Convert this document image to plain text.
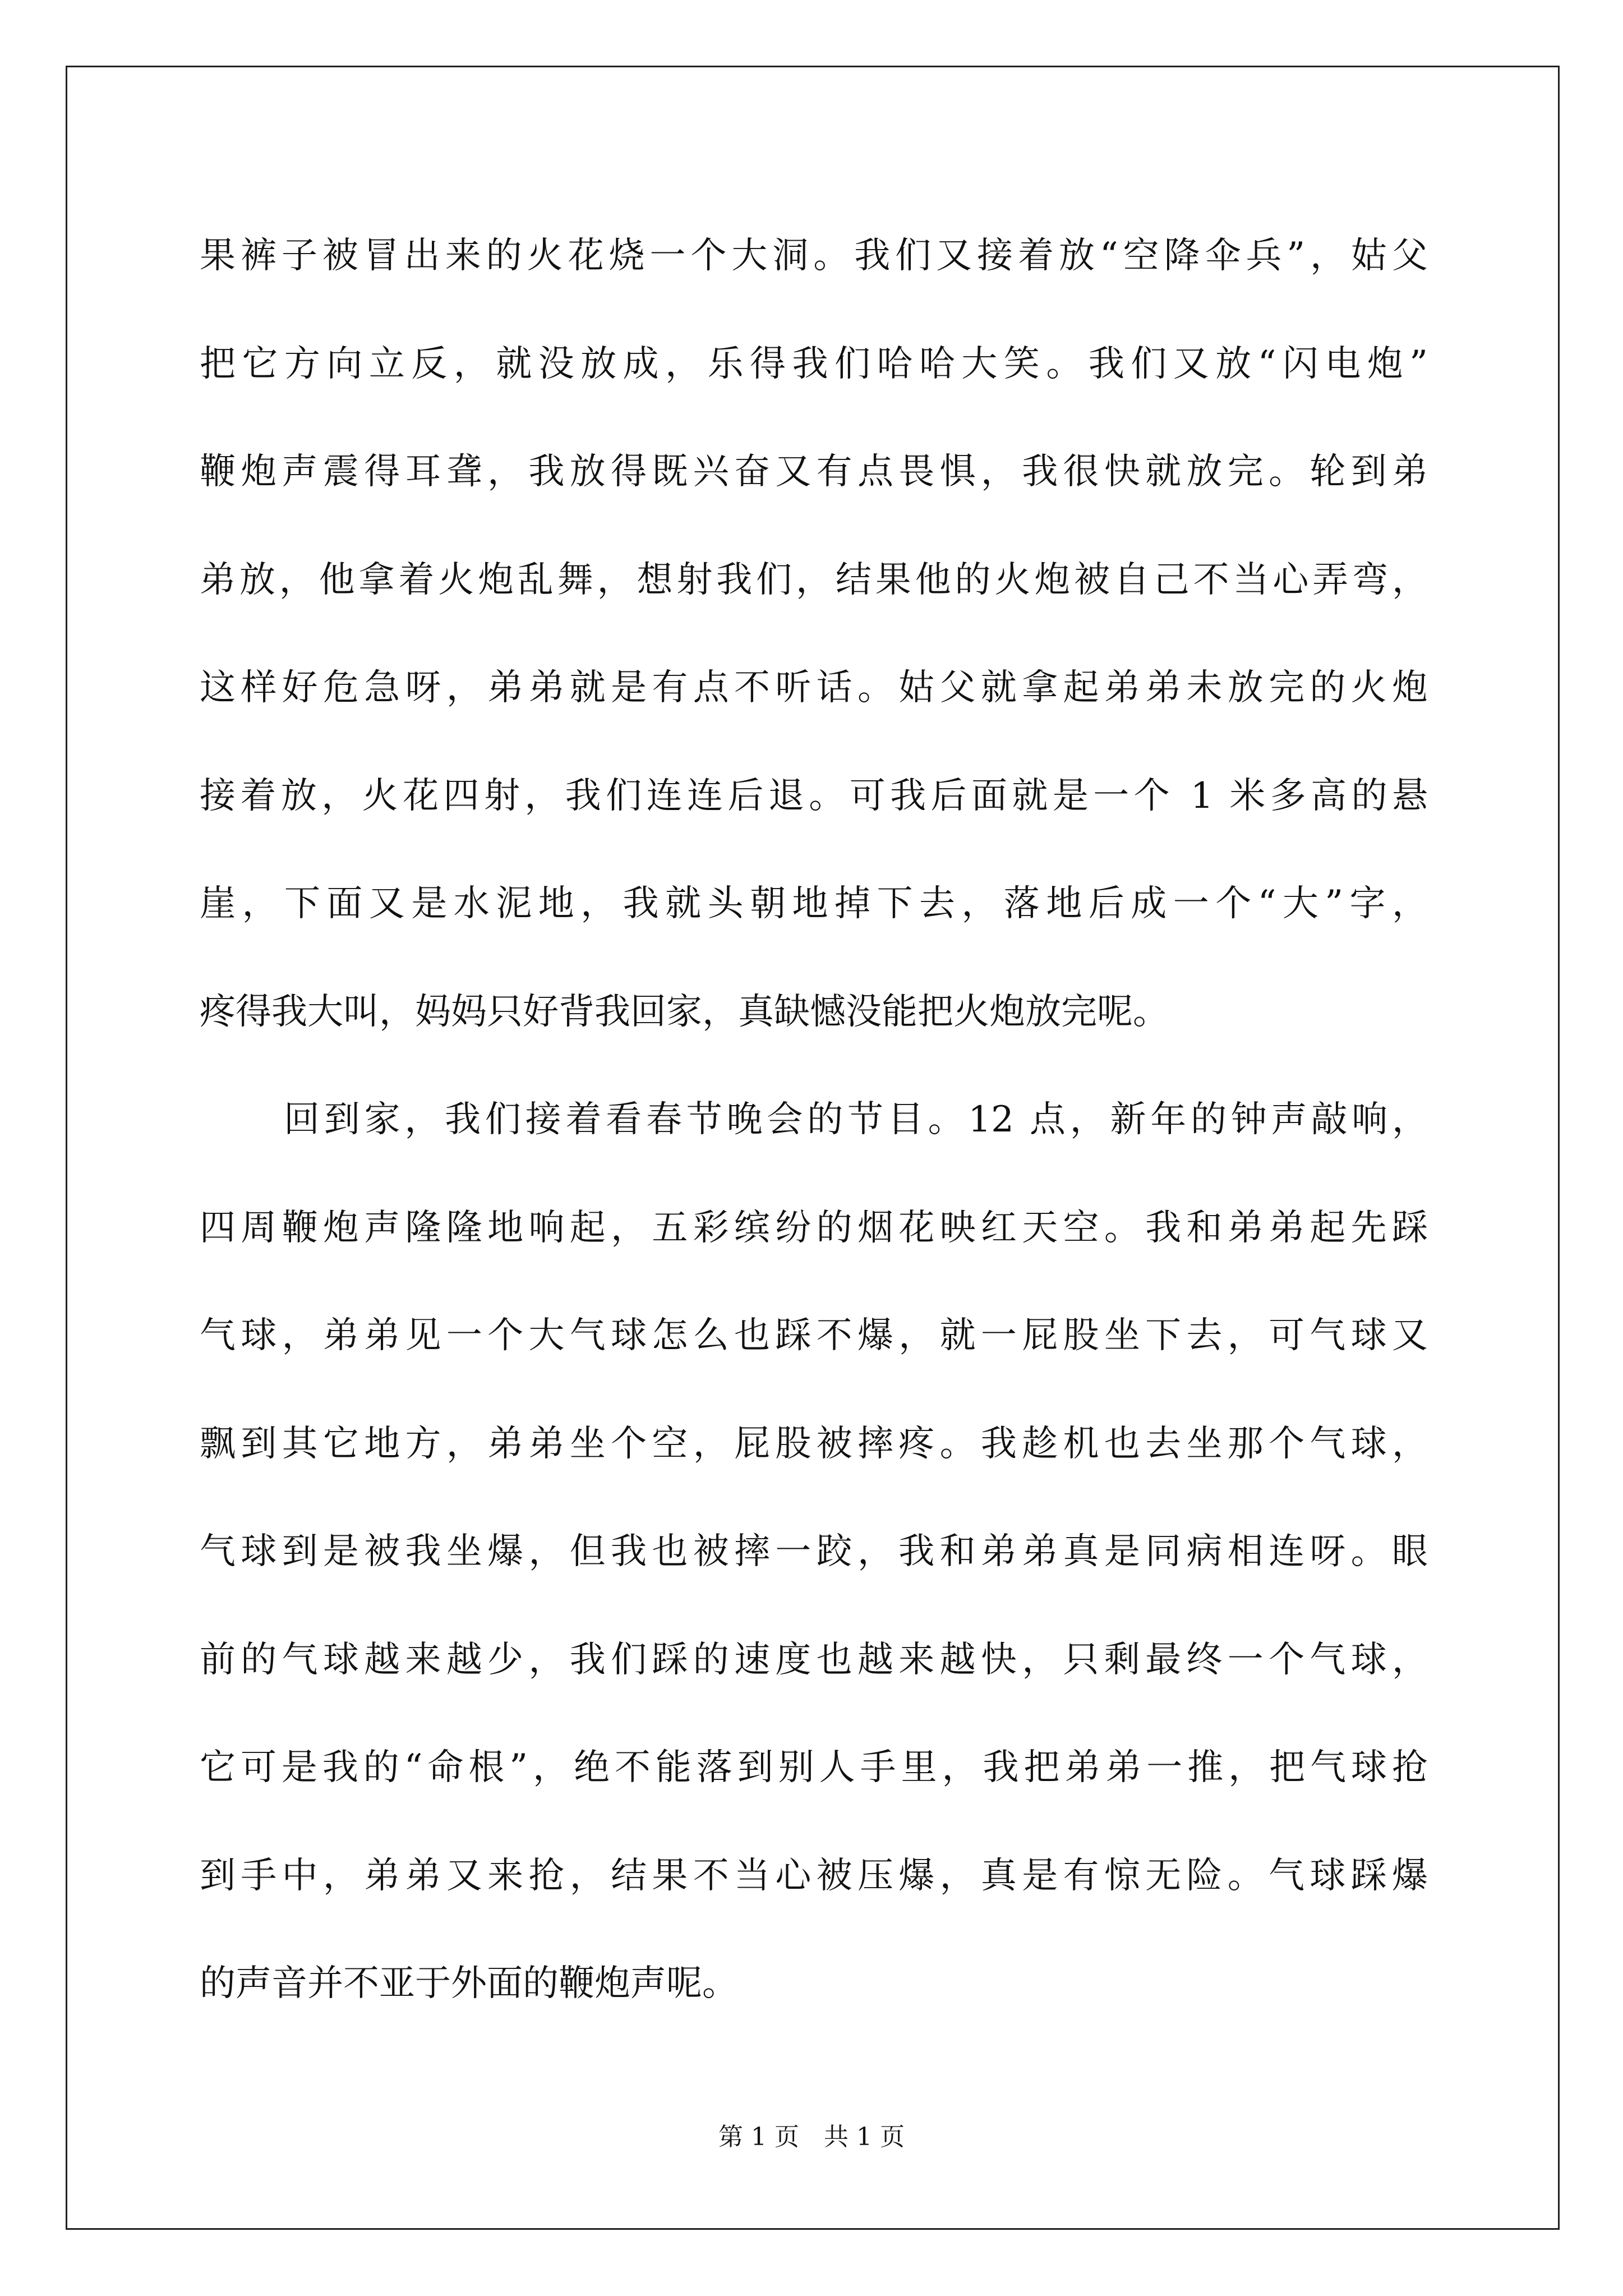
果裤子被冒出来的火花烧一个大洞。我们又接着放“空降伞兵”，姑父
把它方向立反，就没放成，乐得我们哈哈大笑。我们又放“闪电炮”
鞭炮声震得耳聋，我放得既兴奋又有点畏惧，我很快就放完。轮到弟
弟放，他拿着火炮乱舞，想射我们，结果他的火炮被自己不当心弄弯，
这样好危急呀，弟弟就是有点不听话。姑父就拿起弟弟未放完的火炮
接着放，火花四射，我们连连后退。可我后面就是一个 1 米多高的悬
崖，下面又是水泥地，我就头朝地掉下去，落地后成一个“大”字，
疼得我大叫，妈妈只好背我回家，真缺憾没能把火炮放完呢。
回到家，我们接着看春节晚会的节目。12 点，新年的钟声敲响，
四周鞭炮声隆隆地响起，五彩缤纷的烟花映红天空。我和弟弟起先踩
气球，弟弟见一个大气球怎么也踩不爆，就一屁股坐下去，可气球又
飘到其它地方，弟弟坐个空，屁股被摔疼。我趁机也去坐那个气球，
气球到是被我坐爆，但我也被摔一跤，我和弟弟真是同病相连呀。眼
前的气球越来越少，我们踩的速度也越来越快，只剩最终一个气球，
它可是我的“命根”，绝不能落到别人手里，我把弟弟一推，把气球抢
到手中，弟弟又来抢，结果不当心被压爆，真是有惊无险。气球踩爆
的声音并不亚于外面的鞭炮声呢。
第 1 页　共 1 页
